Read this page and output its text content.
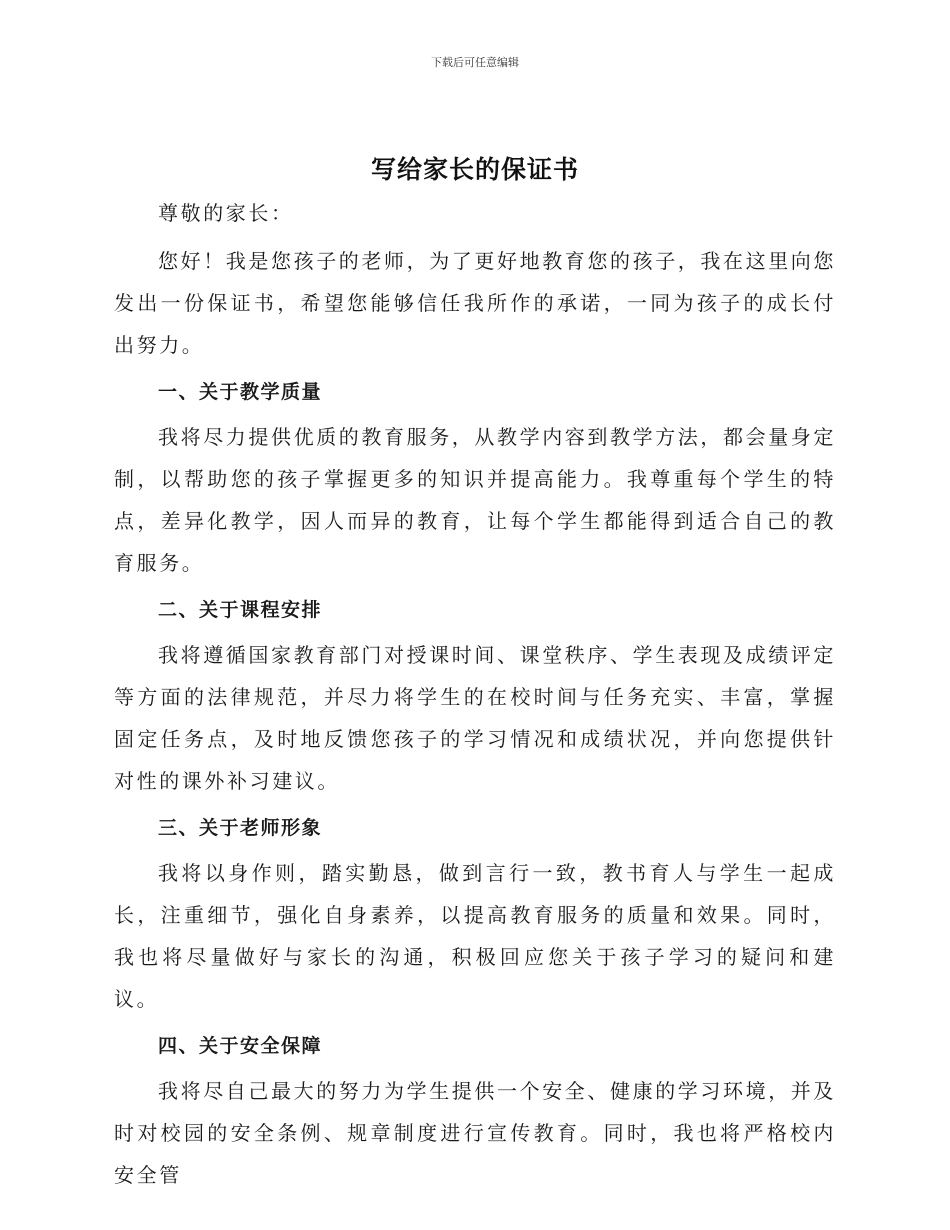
下载后可任意编辑
写给家长的保证书

尊敬的家长：

您好！我是您孩子的老师，为了更好地教育您的孩子，我在这里向您发出一份保证书，希望您能够信任我所作的承诺，一同为孩子的成长付出努力。

一、关于教学质量

我将尽力提供优质的教育服务，从教学内容到教学方法，都会量身定制，以帮助您的孩子掌握更多的知识并提高能力。我尊重每个学生的特点，差异化教学，因人而异的教育，让每个学生都能得到适合自己的教育服务。

二、关于课程安排

我将遵循国家教育部门对授课时间、课堂秩序、学生表现及成绩评定等方面的法律规范，并尽力将学生的在校时间与任务充实、丰富，掌握固定任务点，及时地反馈您孩子的学习情况和成绩状况，并向您提供针对性的课外补习建议。

三、关于老师形象

我将以身作则，踏实勤恳，做到言行一致，教书育人与学生一起成长，注重细节，强化自身素养，以提高教育服务的质量和效果。同时，我也将尽量做好与家长的沟通，积极回应您关于孩子学习的疑问和建议。

四、关于安全保障

我将尽自己最大的努力为学生提供一个安全、健康的学习环境，并及时对校园的安全条例、规章制度进行宣传教育。同时，我也将严格校内安全管
